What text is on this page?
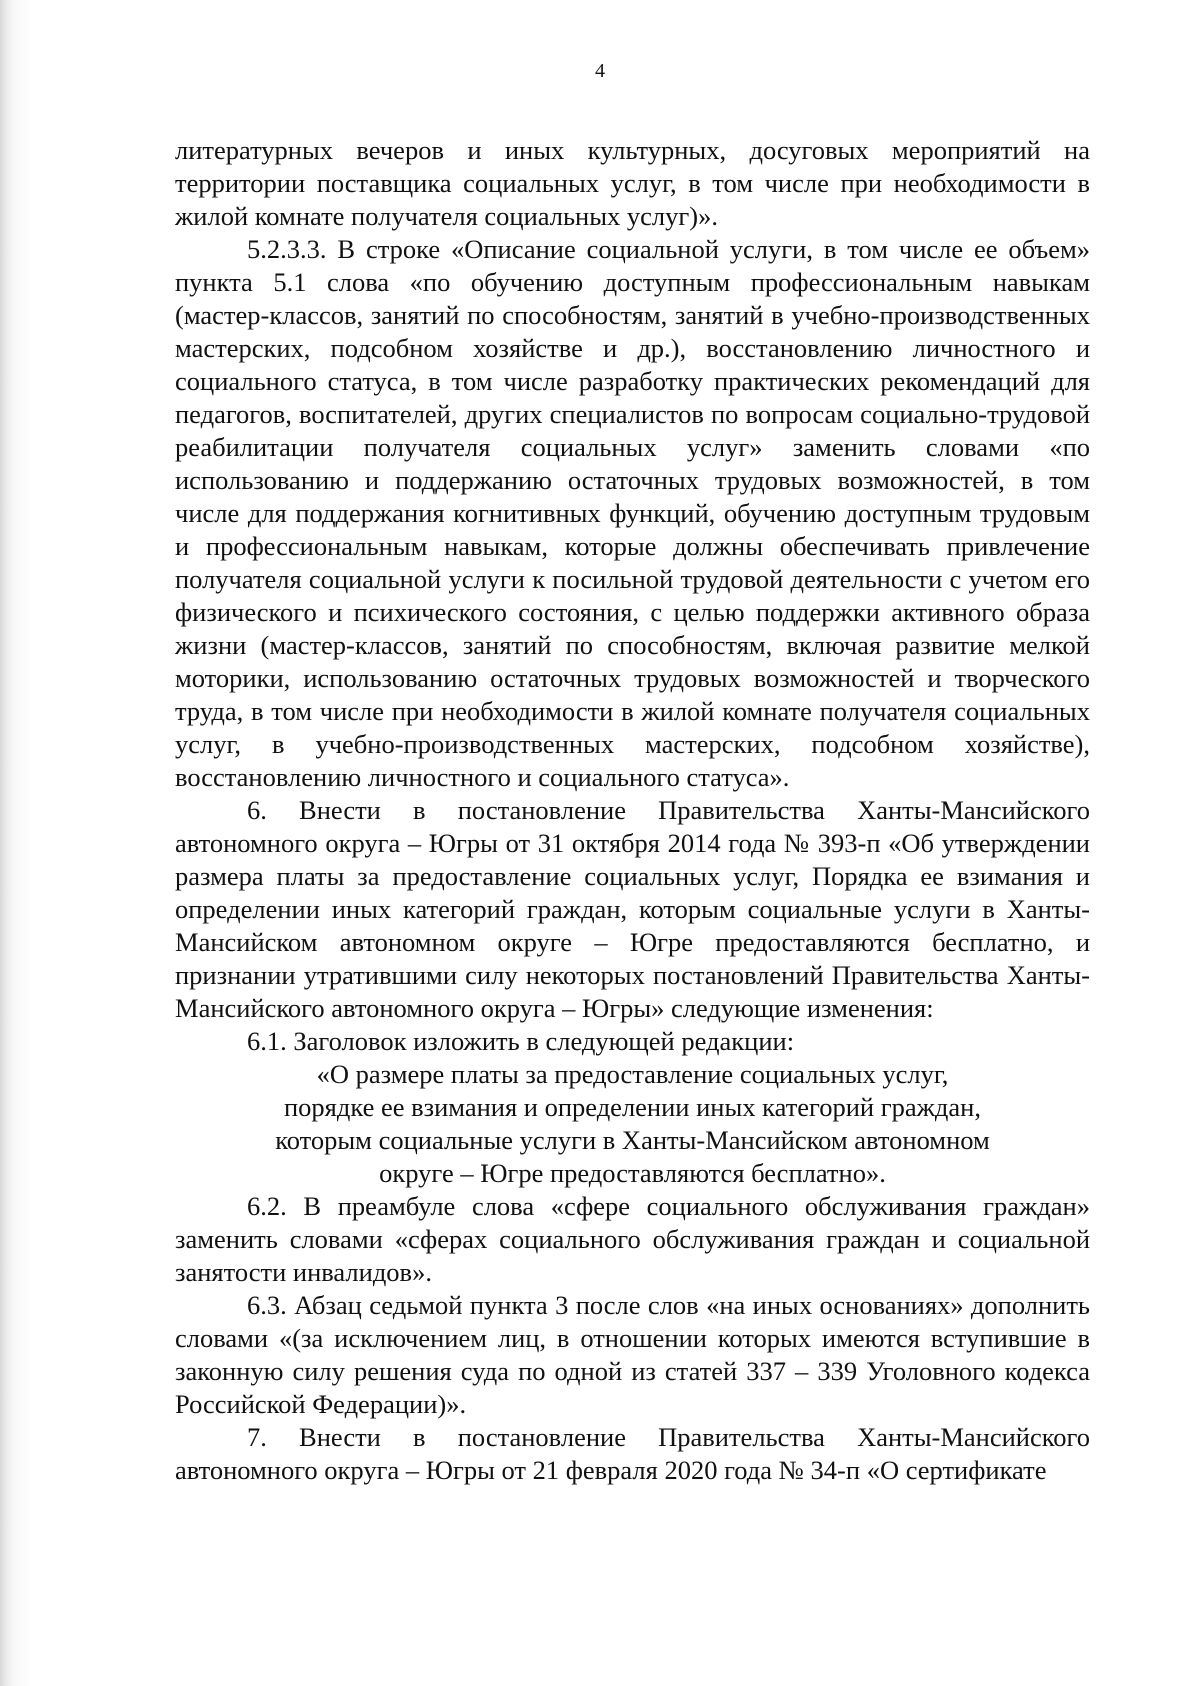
4

литературных вечеров и иных культурных, досуговых мероприятий на территории поставщика социальных услуг, в том числе при необходимости в жилой комнате получателя социальных услуг)».

5.2.3.3. В строке «Описание социальной услуги, в том числе ее объем» пункта 5.1 слова «по обучению доступным профессиональным навыкам (мастер-классов, занятий по способностям, занятий в учебно-производственных мастерских, подсобном хозяйстве и др.), восстановлению личностного и социального статуса, в том числе разработку практических рекомендаций для педагогов, воспитателей, других специалистов по вопросам социально-трудовой реабилитации получателя социальных услуг» заменить словами «по использованию и поддержанию остаточных трудовых возможностей, в том числе для поддержания когнитивных функций, обучению доступным трудовым и профессиональным навыкам, которые должны обеспечивать привлечение получателя социальной услуги к посильной трудовой деятельности с учетом его физического и психического состояния, с целью поддержки активного образа жизни (мастер-классов, занятий по способностям, включая развитие мелкой моторики, использованию остаточных трудовых возможностей и творческого труда, в том числе при необходимости в жилой комнате получателя социальных услуг, в учебно-производственных мастерских, подсобном хозяйстве), восстановлению личностного и социального статуса».

6. Внести в постановление Правительства Ханты-Мансийского автономного округа – Югры от 31 октября 2014 года № 393-п «Об утверждении размера платы за предоставление социальных услуг, Порядка ее взимания и определении иных категорий граждан, которым социальные услуги в Ханты-Мансийском автономном округе – Югре предоставляются бесплатно, и признании утратившими силу некоторых постановлений Правительства Ханты-Мансийского автономного округа – Югры» следующие изменения:

6.1. Заголовок изложить в следующей редакции:

«О размере платы за предоставление социальных услуг,
порядке ее взимания и определении иных категорий граждан,
которым социальные услуги в Ханты-Мансийском автономном
округе – Югре предоставляются бесплатно».

6.2. В преамбуле слова «сфере социального обслуживания граждан» заменить словами «сферах социального обслуживания граждан и социальной занятости инвалидов».

6.3. Абзац седьмой пункта 3 после слов «на иных основаниях» дополнить словами «(за исключением лиц, в отношении которых имеются вступившие в законную силу решения суда по одной из статей 337 – 339 Уголовного кодекса Российской Федерации)».

7. Внести в постановление Правительства Ханты-Мансийского автономного округа – Югры от 21 февраля 2020 года № 34-п «О сертификате
